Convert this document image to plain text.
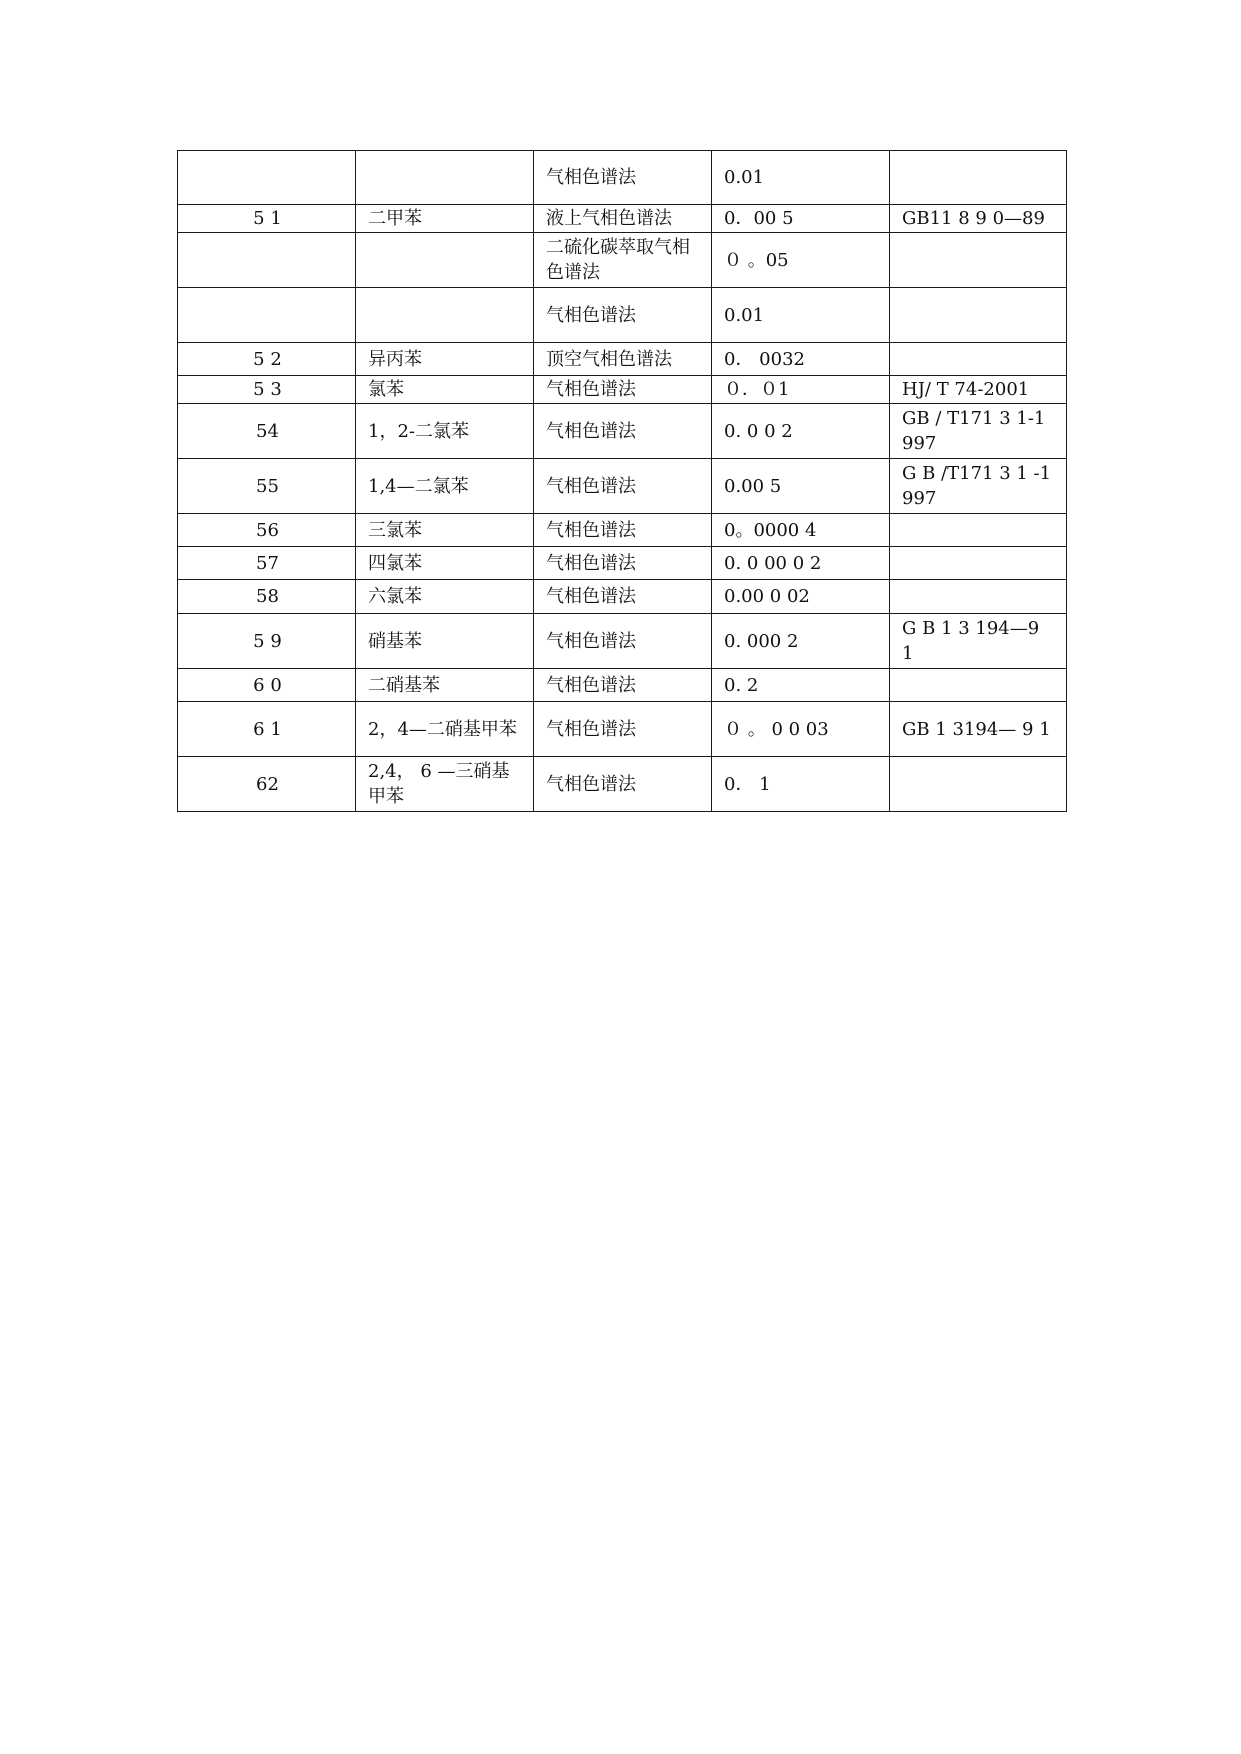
		气相色谱法	0.01	
5 1	二甲苯	液上气相色谱法	0．00 5	GB11 8 9 0—89
		二硫化碳萃取气相色谱法	０ 。05	
		气相色谱法	0.01	
5 2	异丙苯	顶空气相色谱法	0． 0032	
5 3	氯苯	气相色谱法	０．０1	HJ/ T 74-2001
54	1，2-二氯苯	气相色谱法	0. 0 0 2	GB / T171 3 1-1997
55	1,4—二氯苯	气相色谱法	0.00 5	G B /T171 3 1 -1997
56	三氯苯	气相色谱法	0。0000 4	
57	四氯苯	气相色谱法	0. 0 00 0 2	
58	六氯苯	气相色谱法	0.00 0 02	
5 9	硝基苯	气相色谱法	0. 000 2	G B 1 3 194—9 1
6 0	二硝基苯	气相色谱法	0. 2	
6 1	2，4—二硝基甲苯	气相色谱法	０ 。 0 0 03	GB 1 3194— 9 1
62	2,4， 6 —三硝基甲苯	气相色谱法	0． 1	
